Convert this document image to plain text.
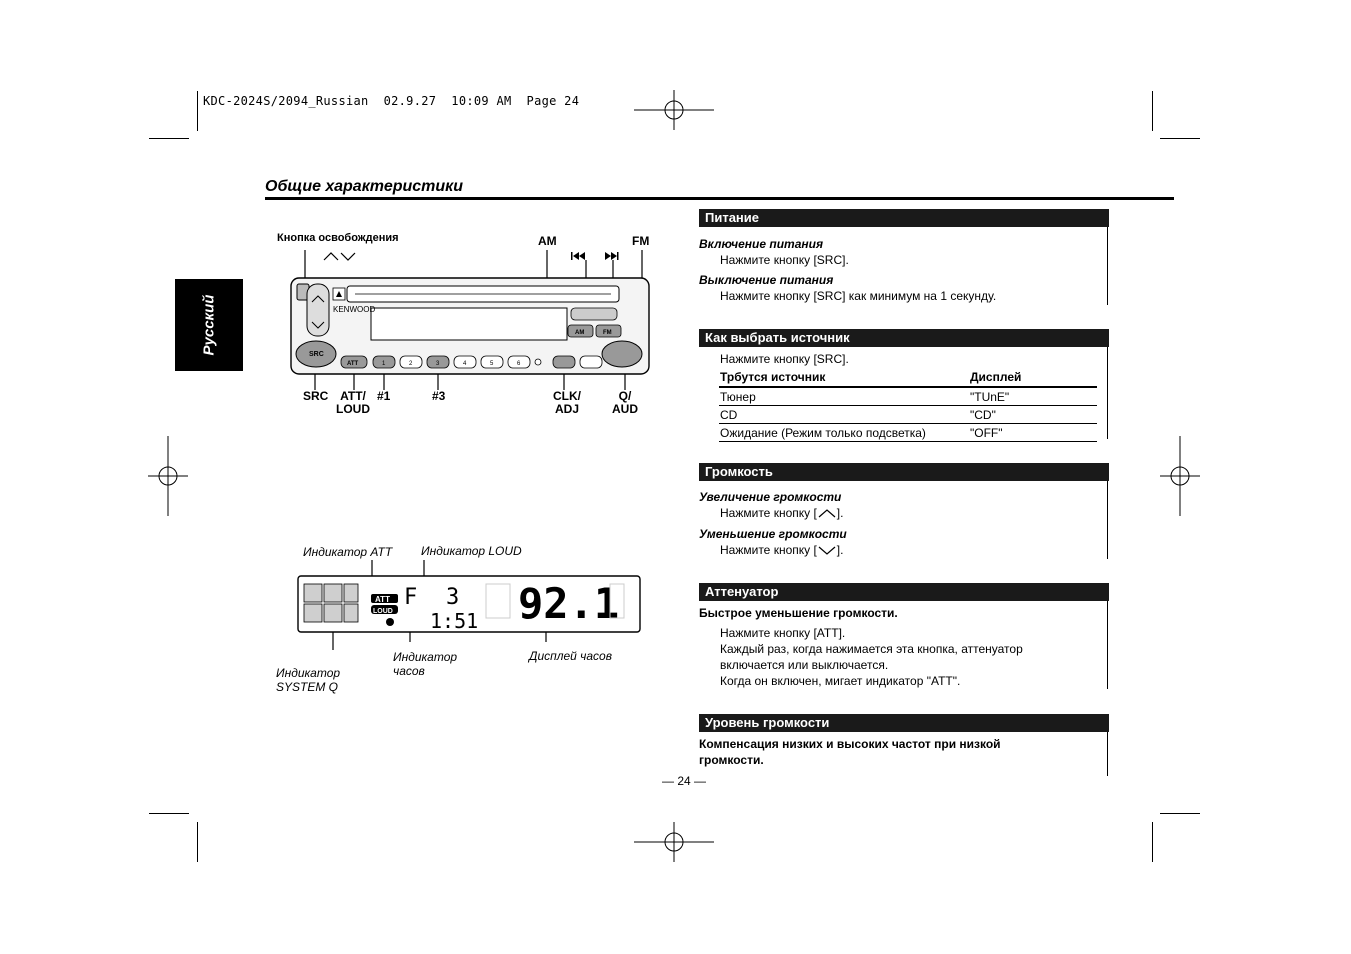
KDC-2024S/2094_Russian  02.9.27  10:09 AM  Page 24
Общие характеристики
Русский
Кнопка освобождения
KENWOOD
AM	FM
SRC
ATT	1	2	3	4	5	6
AM	FM
SRC ATT/
LOUD
#1	#3	CLK/
ADJ
Q/
AUD
Индикатор ATT Индикатор LOUD
ATT
LOUD
F 3
1:51 92.1
Индикатор
SYSTEM Q
Индикатор
часов
Дисплей часов
Питание
Включение питания
Нажмите кнопку [SRC].
Выключение питания
Нажмите кнопку [SRC] как минимум на 1 секунду.
Как выбрать источник
Нажмите кнопку [SRC].
Трбутся источник	Дисплей
Тюнер	"TUnE"
CD	"CD"
Ожидание (Режим только подсветка)	"OFF"
Громкость
Увеличение громкости
Нажмите кнопку [ ].
Уменьшение громкости
Нажмите кнопку [ ].
Аттенуатор
Быстрое уменьшение громкости.
Нажмите кнопку [ATT].
Каждый раз, когда нажимается эта кнопка, аттенуатор
включается или выключается.
Когда он включен, мигает индикатор "ATT".
Уровень громкости
Компенсация низких и высоких частот при низкой
громкости.
— 24 —
